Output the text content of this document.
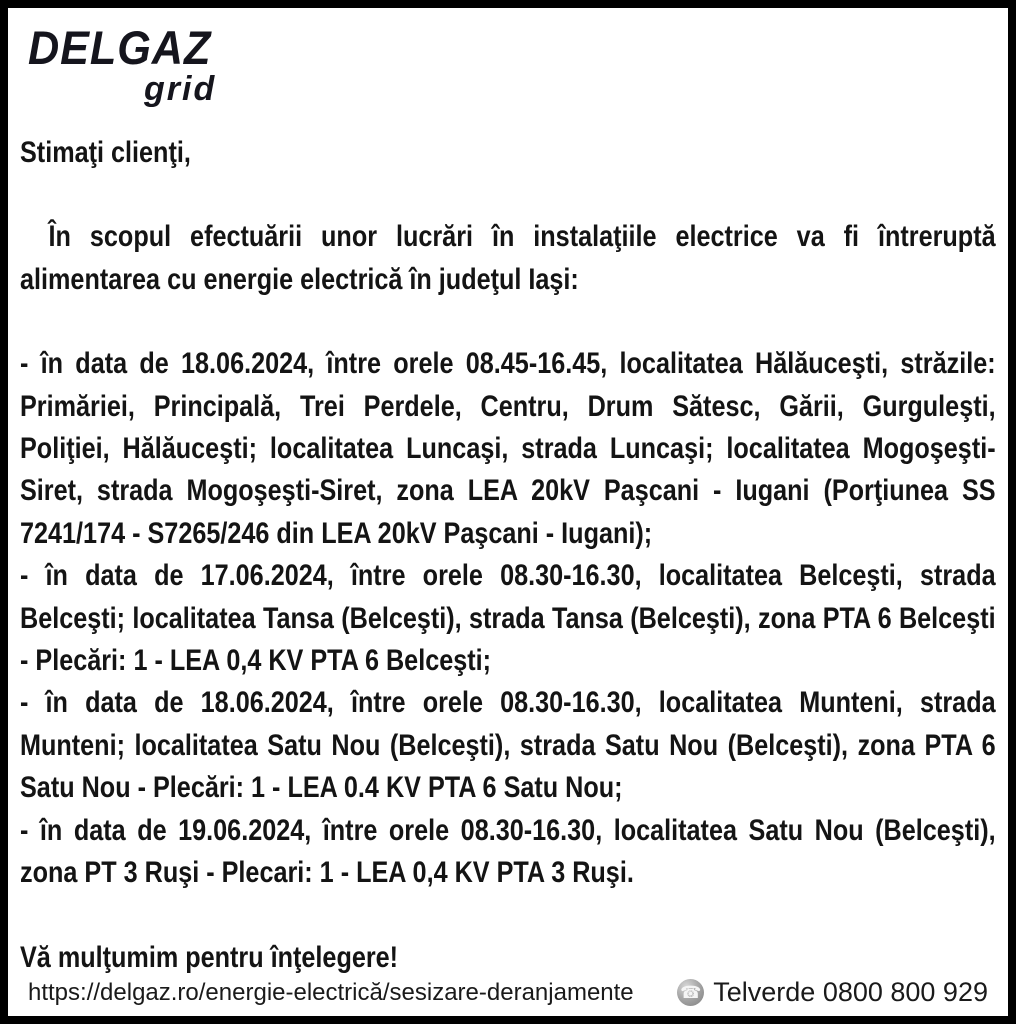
DELGAZ
grid

Stimaţi clienţi,

În scopul efectuării unor lucrări în instalaţiile electrice va fi întreruptă alimentarea cu energie electrică în judeţul Iaşi:

- în data de 18.06.2024, între orele 08.45-16.45, localitatea Hălăuceşti, străzile: Primăriei, Principală, Trei Perdele, Centru, Drum Sătesc, Gării, Gurguleşti, Poliţiei, Hălăuceşti; localitatea Luncaşi, strada Luncaşi; localitatea Mogoşeşti-Siret, strada Mogoşeşti-Siret, zona LEA 20kV Paşcani - Iugani (Porţiunea SS 7241/174 - S7265/246 din LEA 20kV Paşcani - Iugani);

- în data de 17.06.2024, între orele 08.30-16.30, localitatea Belceşti, strada Belceşti; localitatea Tansa (Belceşti), strada Tansa (Belceşti), zona PTA 6 Belceşti - Plecări: 1 - LEA 0,4 KV PTA 6 Belceşti;

- în data de 18.06.2024, între orele 08.30-16.30, localitatea Munteni, strada Munteni; localitatea Satu Nou (Belceşti), strada Satu Nou (Belceşti), zona PTA 6 Satu Nou - Plecări: 1 - LEA 0.4 KV PTA 6 Satu Nou;

- în data de 19.06.2024, între orele 08.30-16.30, localitatea Satu Nou (Belceşti), zona PT 3 Ruşi - Plecari: 1 - LEA 0,4 KV PTA 3 Ruşi.

Vă mulţumim pentru înţelegere!

https://delgaz.ro/energie-electrică/sesizare-deranjamente	☎ Telverde 0800 800 929
